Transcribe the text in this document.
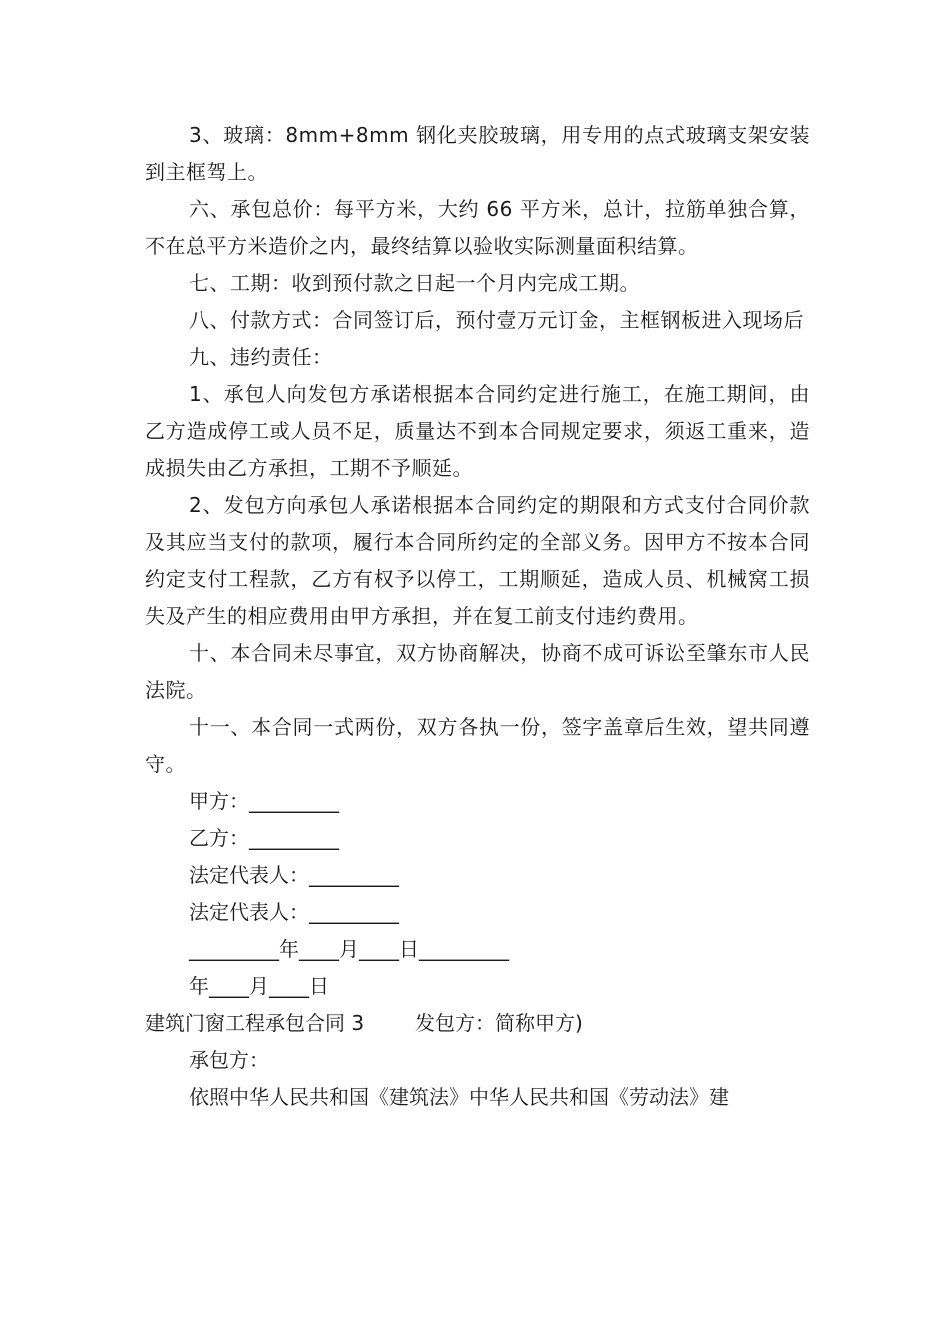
3、玻璃：8mm+8mm 钢化夹胶玻璃，用专用的点式玻璃支架安装到主框驾上。

六、承包总价：每平方米，大约 66 平方米，总计，拉筋单独合算，不在总平方米造价之内，最终结算以验收实际测量面积结算。

七、工期：收到预付款之日起一个月内完成工期。

八、付款方式：合同签订后，预付壹万元订金，主框钢板进入现场后

九、违约责任：

1、承包人向发包方承诺根据本合同约定进行施工，在施工期间，由乙方造成停工或人员不足，质量达不到本合同规定要求，须返工重来，造成损失由乙方承担，工期不予顺延。

2、发包方向承包人承诺根据本合同约定的期限和方式支付合同价款及其应当支付的款项，履行本合同所约定的全部义务。因甲方不按本合同约定支付工程款，乙方有权予以停工，工期顺延，造成人员、机械窝工损失及产生的相应费用由甲方承担，并在复工前支付违约费用。

十、本合同未尽事宜，双方协商解决，协商不成可诉讼至肇东市人民法院。

十一、本合同一式两份，双方各执一份，签字盖章后生效，望共同遵守。

甲方：_________

乙方：_________

法定代表人：_________

法定代表人：_________

_________年____月____日_________

年____月____日

建筑门窗工程承包合同 3        发包方：简称甲方)

承包方：

依照中华人民共和国《建筑法》中华人民共和国《劳动法》建
